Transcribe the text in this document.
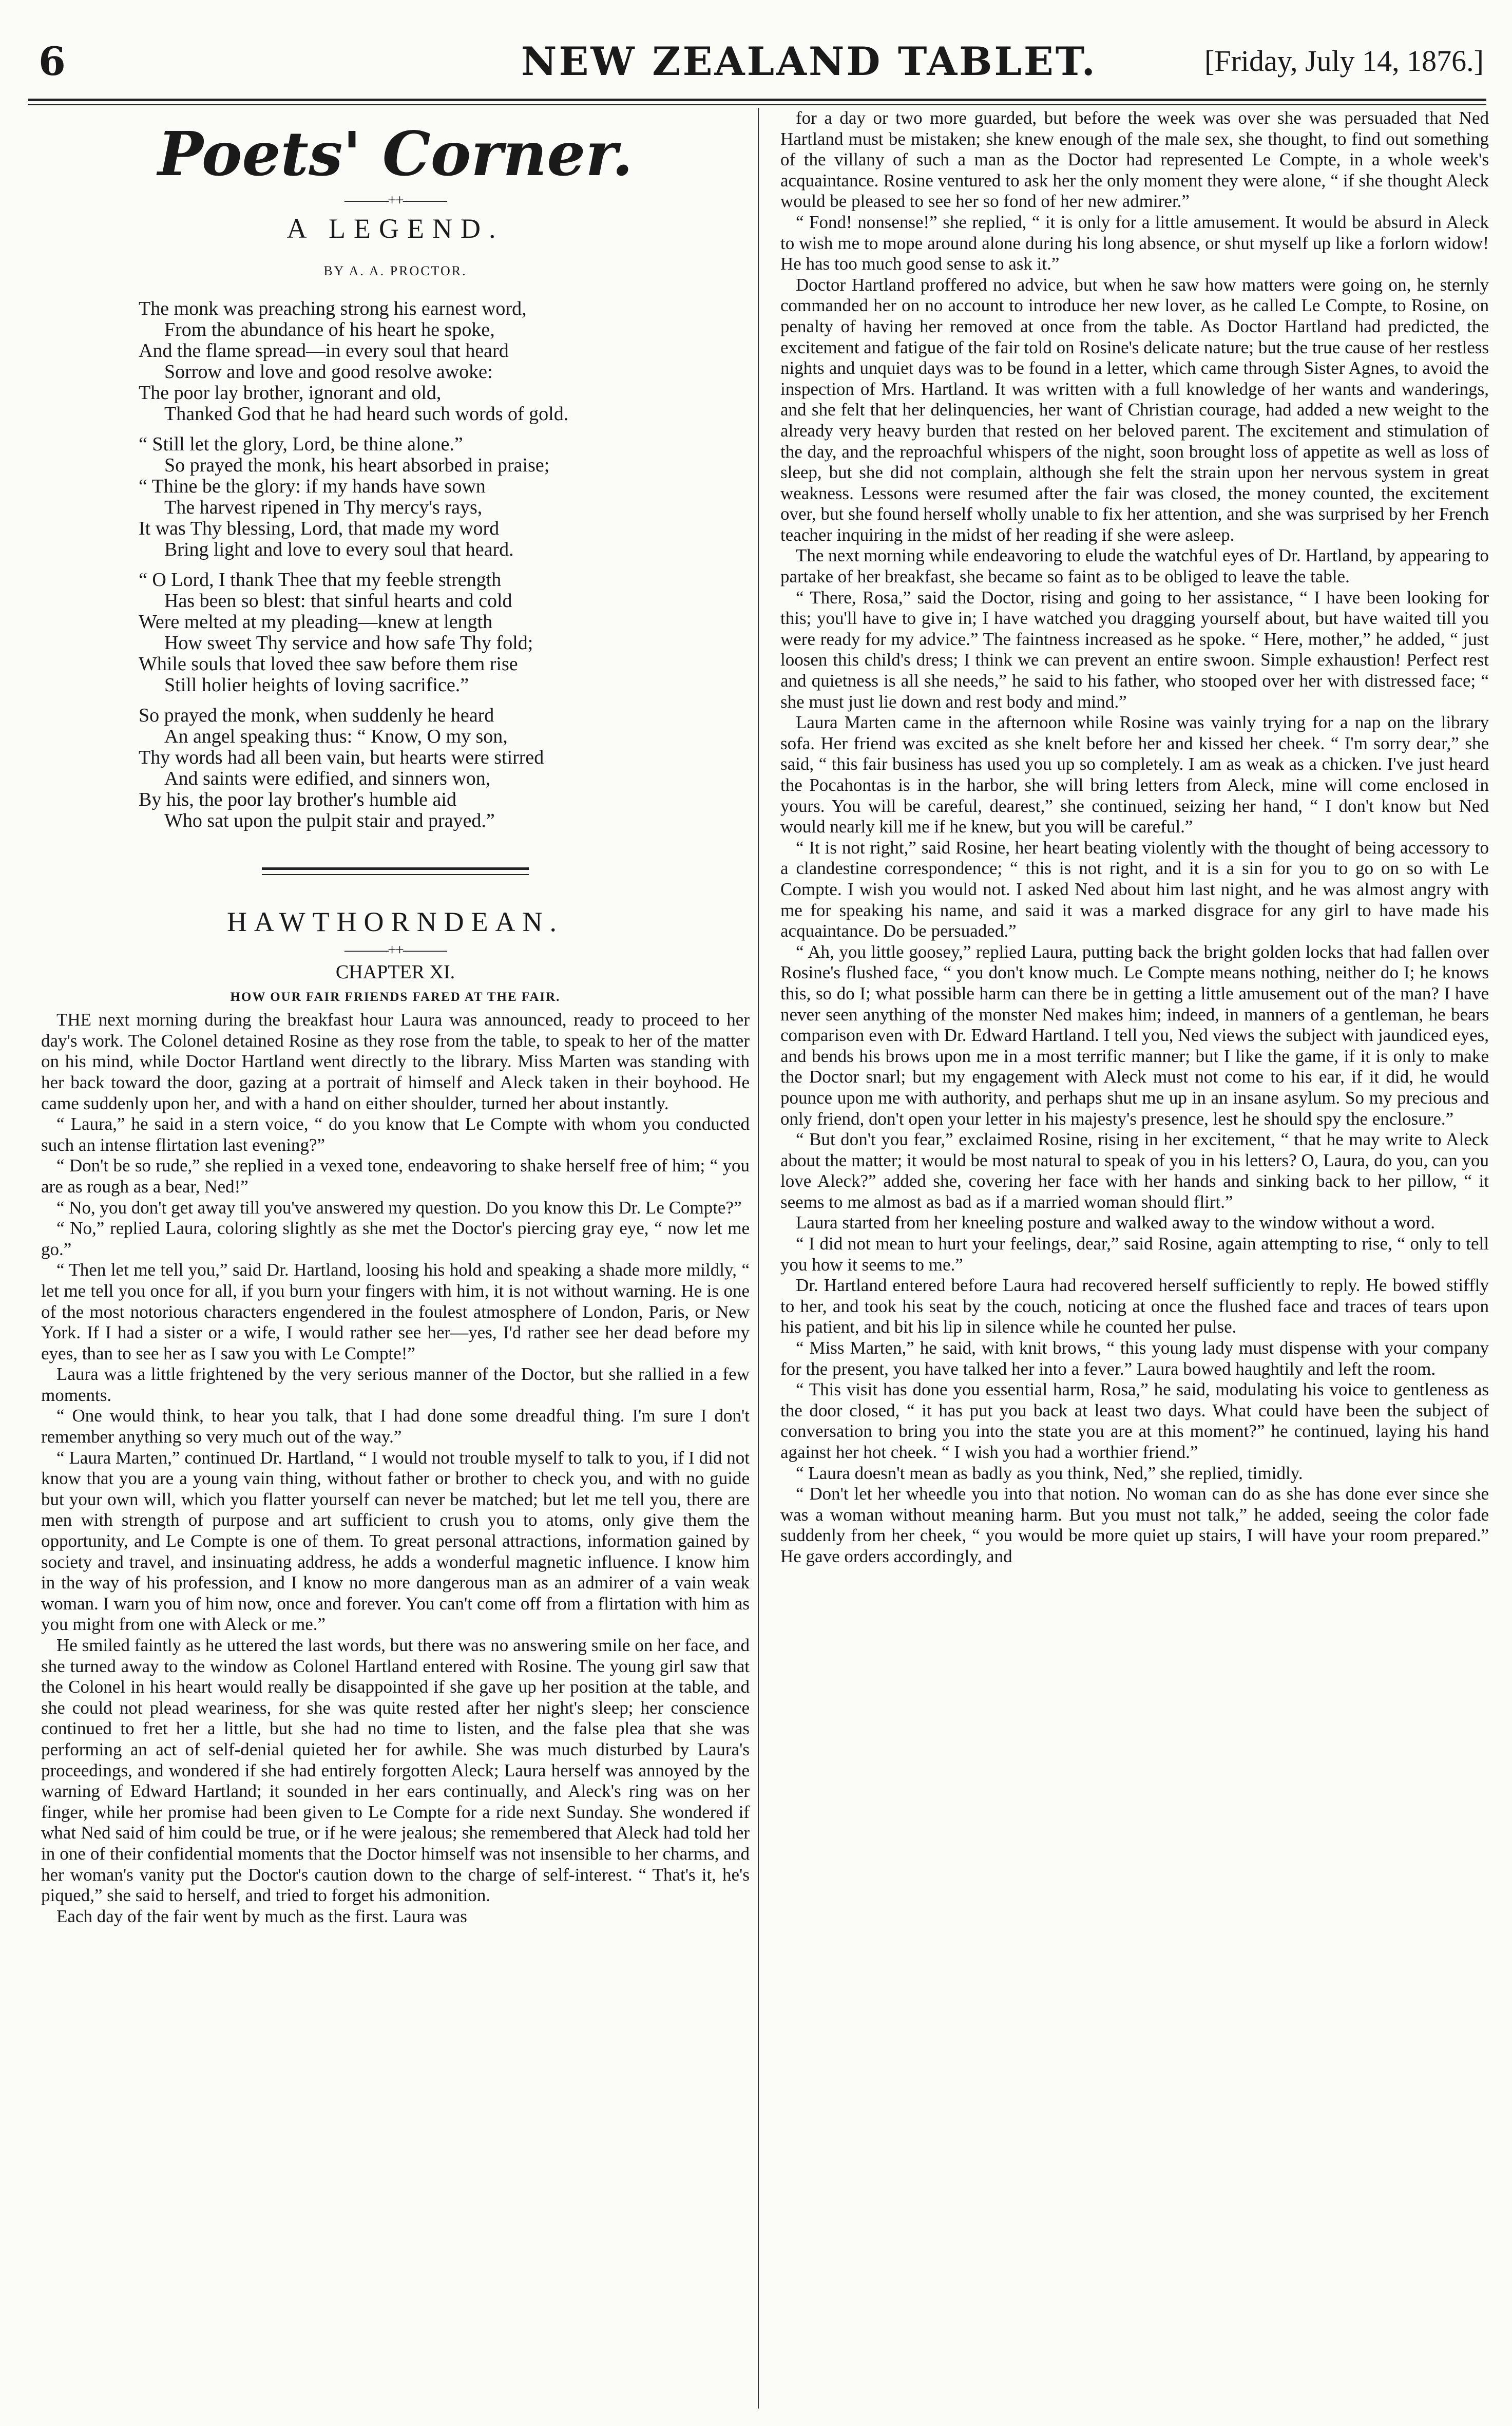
6	NEW ZEALAND TABLET.	[Friday, July 14, 1876.]
Poets' Corner.
———++———
A LEGEND.
BY A. A. PROCTOR.
The monk was preaching strong his earnest word,
From the abundance of his heart he spoke,
And the flame spread—in every soul that heard
Sorrow and love and good resolve awoke:
The poor lay brother, ignorant and old,
Thanked God that he had heard such words of gold.
“ Still let the glory, Lord, be thine alone.”
So prayed the monk, his heart absorbed in praise;
“ Thine be the glory: if my hands have sown
The harvest ripened in Thy mercy's rays,
It was Thy blessing, Lord, that made my word
Bring light and love to every soul that heard.
“ O Lord, I thank Thee that my feeble strength
Has been so blest: that sinful hearts and cold
Were melted at my pleading—knew at length
How sweet Thy service and how safe Thy fold;
While souls that loved thee saw before them rise
Still holier heights of loving sacrifice.”
So prayed the monk, when suddenly he heard
An angel speaking thus: “ Know, O my son,
Thy words had all been vain, but hearts were stirred
And saints were edified, and sinners won,
By his, the poor lay brother's humble aid
Who sat upon the pulpit stair and prayed.”
HAWTHORNDEAN.
———++———
CHAPTER XI.
HOW OUR FAIR FRIENDS FARED AT THE FAIR.

THE next morning during the breakfast hour Laura was announced, ready to proceed to her day's work. The Colonel detained Rosine as they rose from the table, to speak to her of the matter on his mind, while Doctor Hartland went directly to the library. Miss Marten was standing with her back toward the door, gazing at a portrait of himself and Aleck taken in their boyhood. He came suddenly upon her, and with a hand on either shoulder, turned her about instantly.

“ Laura,” he said in a stern voice, “ do you know that Le Compte with whom you conducted such an intense flirtation last evening?”

“ Don't be so rude,” she replied in a vexed tone, endeavoring to shake herself free of him; “ you are as rough as a bear, Ned!”

“ No, you don't get away till you've answered my question. Do you know this Dr. Le Compte?”

“ No,” replied Laura, coloring slightly as she met the Doctor's piercing gray eye, “ now let me go.”

“ Then let me tell you,” said Dr. Hartland, loosing his hold and speaking a shade more mildly, “ let me tell you once for all, if you burn your fingers with him, it is not without warning. He is one of the most notorious characters engendered in the foulest atmosphere of London, Paris, or New York. If I had a sister or a wife, I would rather see her—yes, I'd rather see her dead before my eyes, than to see her as I saw you with Le Compte!”

Laura was a little frightened by the very serious manner of the Doctor, but she rallied in a few moments.

“ One would think, to hear you talk, that I had done some dreadful thing. I'm sure I don't remember anything so very much out of the way.”

“ Laura Marten,” continued Dr. Hartland, “ I would not trouble myself to talk to you, if I did not know that you are a young vain thing, without father or brother to check you, and with no guide but your own will, which you flatter yourself can never be matched; but let me tell you, there are men with strength of purpose and art sufficient to crush you to atoms, only give them the opportunity, and Le Compte is one of them. To great personal attractions, information gained by society and travel, and insinuating address, he adds a wonderful magnetic influence. I know him in the way of his profession, and I know no more dangerous man as an admirer of a vain weak woman. I warn you of him now, once and forever. You can't come off from a flirtation with him as you might from one with Aleck or me.”

He smiled faintly as he uttered the last words, but there was no answering smile on her face, and she turned away to the window as Colonel Hartland entered with Rosine. The young girl saw that the Colonel in his heart would really be disappointed if she gave up her position at the table, and she could not plead weariness, for she was quite rested after her night's sleep; her conscience continued to fret her a little, but she had no time to listen, and the false plea that she was performing an act of self-denial quieted her for awhile. She was much disturbed by Laura's proceedings, and wondered if she had entirely forgotten Aleck; Laura herself was annoyed by the warning of Edward Hartland; it sounded in her ears continually, and Aleck's ring was on her finger, while her promise had been given to Le Compte for a ride next Sunday. She wondered if what Ned said of him could be true, or if he were jealous; she remembered that Aleck had told her in one of their confidential moments that the Doctor himself was not insensible to her charms, and her woman's vanity put the Doctor's caution down to the charge of self-interest. “ That's it, he's piqued,” she said to herself, and tried to forget his admonition.

Each day of the fair went by much as the first. Laura was

for a day or two more guarded, but before the week was over she was persuaded that Ned Hartland must be mistaken; she knew enough of the male sex, she thought, to find out something of the villany of such a man as the Doctor had represented Le Compte, in a whole week's acquaintance. Rosine ventured to ask her the only moment they were alone, “ if she thought Aleck would be pleased to see her so fond of her new admirer.”

“ Fond! nonsense!” she replied, “ it is only for a little amusement. It would be absurd in Aleck to wish me to mope around alone during his long absence, or shut myself up like a forlorn widow! He has too much good sense to ask it.”

Doctor Hartland proffered no advice, but when he saw how matters were going on, he sternly commanded her on no account to introduce her new lover, as he called Le Compte, to Rosine, on penalty of having her removed at once from the table. As Doctor Hartland had predicted, the excitement and fatigue of the fair told on Rosine's delicate nature; but the true cause of her restless nights and unquiet days was to be found in a letter, which came through Sister Agnes, to avoid the inspection of Mrs. Hartland. It was written with a full knowledge of her wants and wanderings, and she felt that her delinquencies, her want of Christian courage, had added a new weight to the already very heavy burden that rested on her beloved parent. The excitement and stimulation of the day, and the reproachful whispers of the night, soon brought loss of appetite as well as loss of sleep, but she did not complain, although she felt the strain upon her nervous system in great weakness. Lessons were resumed after the fair was closed, the money counted, the excitement over, but she found herself wholly unable to fix her attention, and she was surprised by her French teacher inquiring in the midst of her reading if she were asleep.

The next morning while endeavoring to elude the watchful eyes of Dr. Hartland, by appearing to partake of her breakfast, she became so faint as to be obliged to leave the table.

“ There, Rosa,” said the Doctor, rising and going to her assistance, “ I have been looking for this; you'll have to give in; I have watched you dragging yourself about, but have waited till you were ready for my advice.” The faintness increased as he spoke. “ Here, mother,” he added, “ just loosen this child's dress; I think we can prevent an entire swoon. Simple exhaustion! Perfect rest and quietness is all she needs,” he said to his father, who stooped over her with distressed face; “ she must just lie down and rest body and mind.”

Laura Marten came in the afternoon while Rosine was vainly trying for a nap on the library sofa. Her friend was excited as she knelt before her and kissed her cheek. “ I'm sorry dear,” she said, “ this fair business has used you up so completely. I am as weak as a chicken. I've just heard the Pocahontas is in the harbor, she will bring letters from Aleck, mine will come enclosed in yours. You will be careful, dearest,” she continued, seizing her hand, “ I don't know but Ned would nearly kill me if he knew, but you will be careful.”

“ It is not right,” said Rosine, her heart beating violently with the thought of being accessory to a clandestine correspondence; “ this is not right, and it is a sin for you to go on so with Le Compte. I wish you would not. I asked Ned about him last night, and he was almost angry with me for speaking his name, and said it was a marked disgrace for any girl to have made his acquaintance. Do be persuaded.”

“ Ah, you little goosey,” replied Laura, putting back the bright golden locks that had fallen over Rosine's flushed face, “ you don't know much. Le Compte means nothing, neither do I; he knows this, so do I; what possible harm can there be in getting a little amusement out of the man? I have never seen anything of the monster Ned makes him; indeed, in manners of a gentleman, he bears comparison even with Dr. Edward Hartland. I tell you, Ned views the subject with jaundiced eyes, and bends his brows upon me in a most terrific manner; but I like the game, if it is only to make the Doctor snarl; but my engagement with Aleck must not come to his ear, if it did, he would pounce upon me with authority, and perhaps shut me up in an insane asylum. So my precious and only friend, don't open your letter in his majesty's presence, lest he should spy the enclosure.”

“ But don't you fear,” exclaimed Rosine, rising in her excitement, “ that he may write to Aleck about the matter; it would be most natural to speak of you in his letters? O, Laura, do you, can you love Aleck?” added she, covering her face with her hands and sinking back to her pillow, “ it seems to me almost as bad as if a married woman should flirt.”

Laura started from her kneeling posture and walked away to the window without a word.

“ I did not mean to hurt your feelings, dear,” said Rosine, again attempting to rise, “ only to tell you how it seems to me.”

Dr. Hartland entered before Laura had recovered herself sufficiently to reply. He bowed stiffly to her, and took his seat by the couch, noticing at once the flushed face and traces of tears upon his patient, and bit his lip in silence while he counted her pulse.

“ Miss Marten,” he said, with knit brows, “ this young lady must dispense with your company for the present, you have talked her into a fever.” Laura bowed haughtily and left the room.

“ This visit has done you essential harm, Rosa,” he said, modulating his voice to gentleness as the door closed, “ it has put you back at least two days. What could have been the subject of conversation to bring you into the state you are at this moment?” he continued, laying his hand against her hot cheek. “ I wish you had a worthier friend.”

“ Laura doesn't mean as badly as you think, Ned,” she replied, timidly.

“ Don't let her wheedle you into that notion. No woman can do as she has done ever since she was a woman without meaning harm. But you must not talk,” he added, seeing the color fade suddenly from her cheek, “ you would be more quiet up stairs, I will have your room prepared.” He gave orders accordingly, and
